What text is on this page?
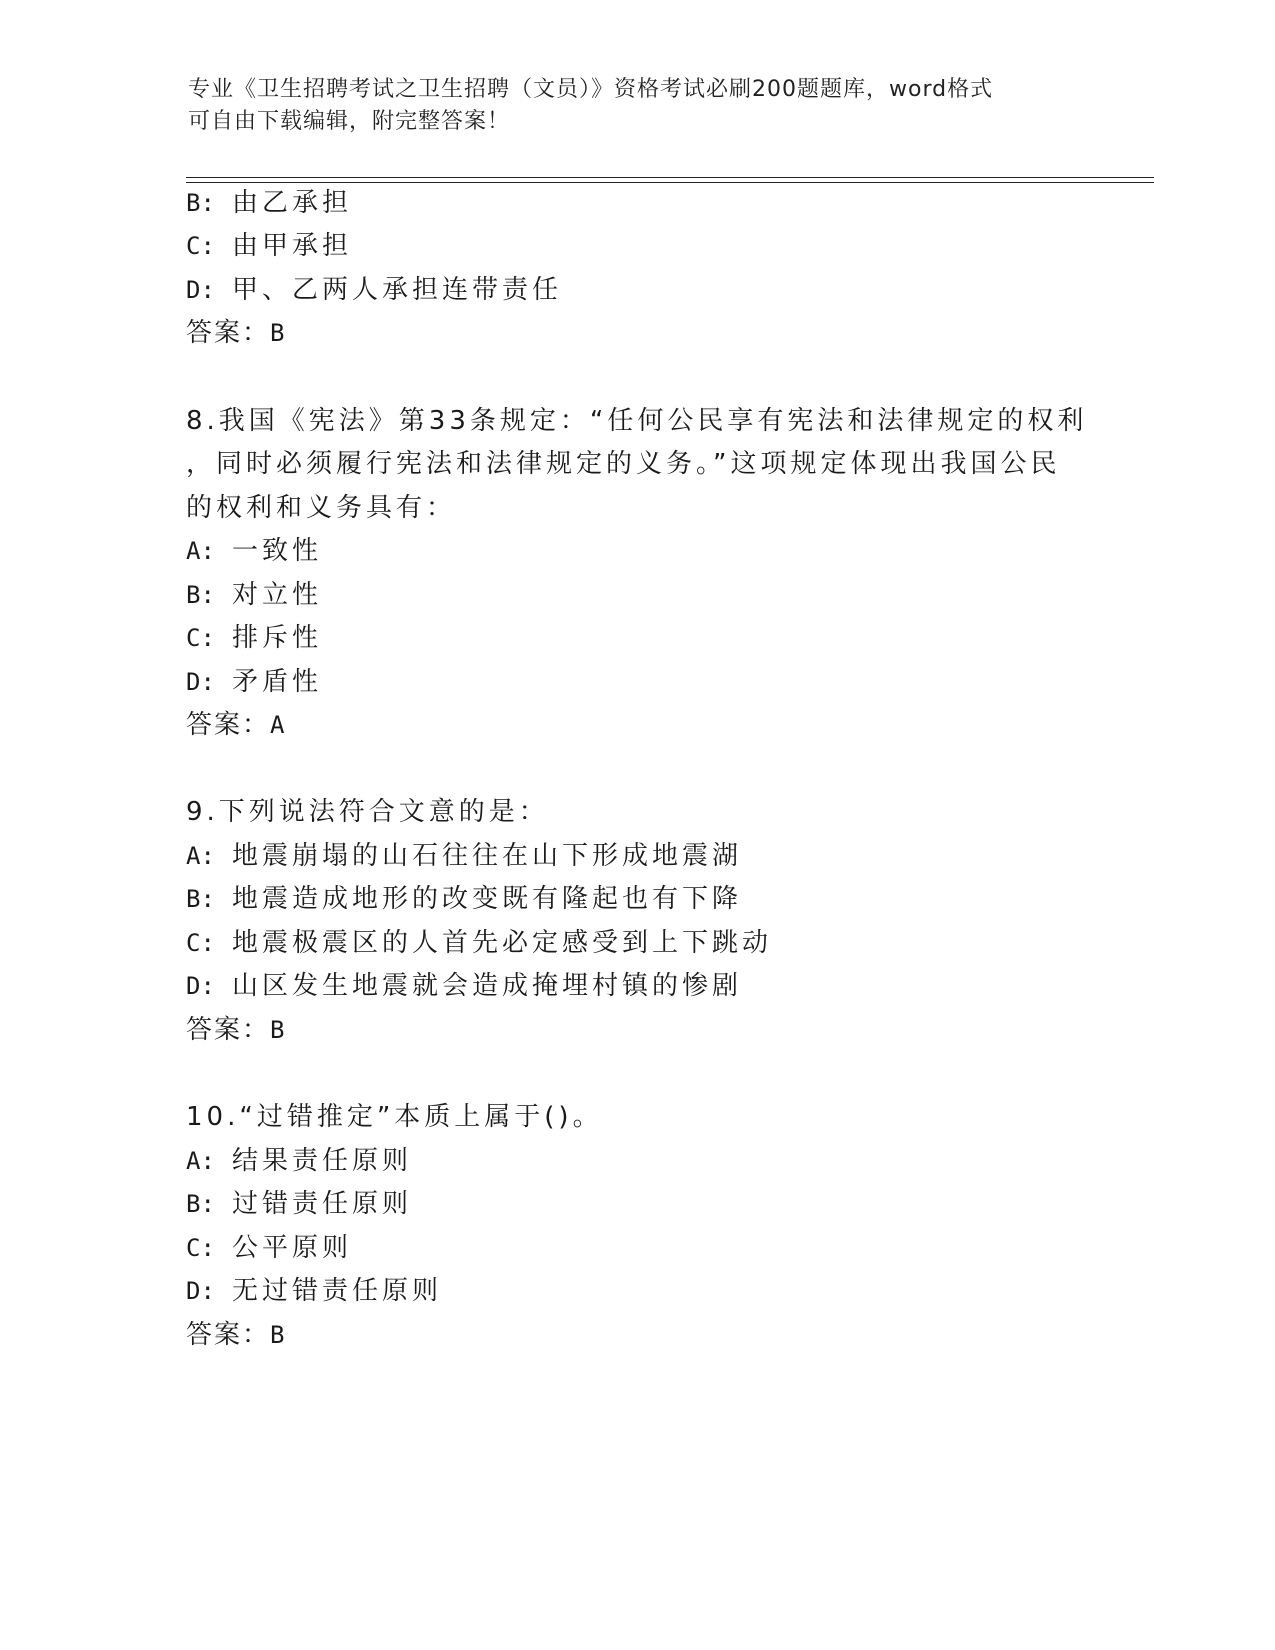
专业《卫生招聘考试之卫生招聘（文员）》资格考试必刷200题题库，word格式
可自由下载编辑，附完整答案！
B: 由乙承担
C: 由甲承担
D: 甲、乙两人承担连带责任
答案：B
8.我国《宪法》第33条规定：“任何公民享有宪法和法律规定的权利
，同时必须履行宪法和法律规定的义务。”这项规定体现出我国公民
的权利和义务具有：
A: 一致性
B: 对立性
C: 排斥性
D: 矛盾性
答案：A
9.下列说法符合文意的是：
A: 地震崩塌的山石往往在山下形成地震湖
B: 地震造成地形的改变既有隆起也有下降
C: 地震极震区的人首先必定感受到上下跳动
D: 山区发生地震就会造成掩埋村镇的惨剧
答案：B
10.“过错推定”本质上属于()。
A: 结果责任原则
B: 过错责任原则
C: 公平原则
D: 无过错责任原则
答案：B
